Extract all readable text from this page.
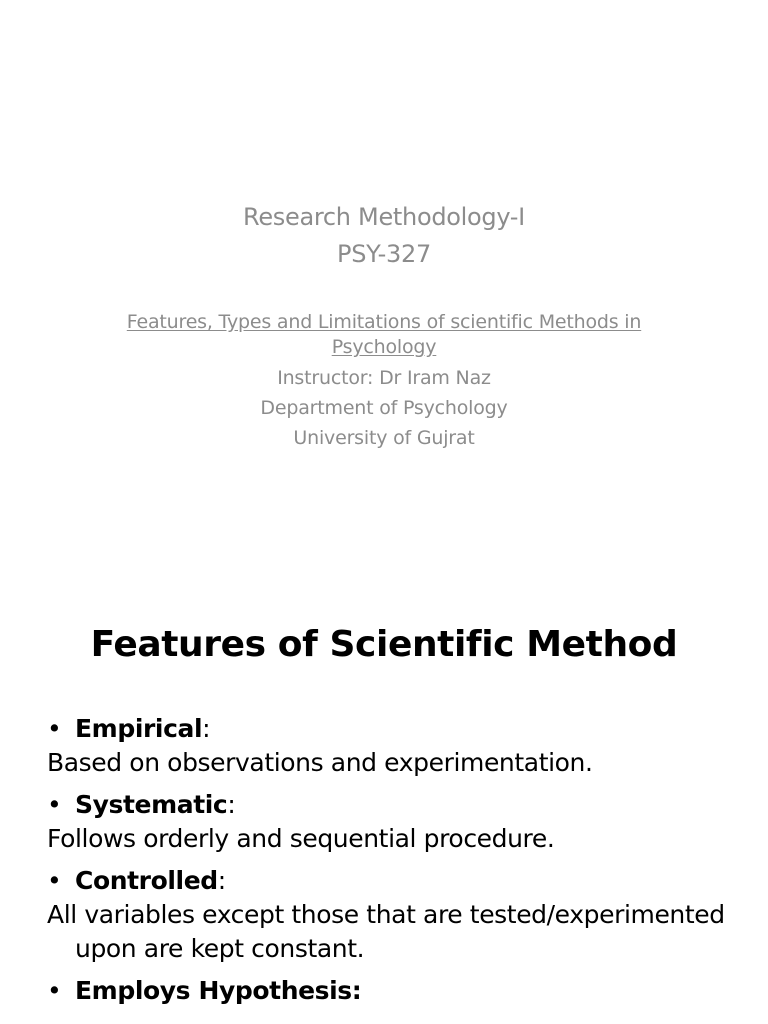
Research Methodology-I
PSY-327
Features, Types and Limitations of scientific Methods in Psychology
Instructor: Dr Iram Naz
Department of Psychology
University of Gujrat
Features of Scientific Method
• Empirical:
Based on observations and experimentation.
• Systematic:
Follows orderly and sequential procedure.
• Controlled:
All variables except those that are tested/experimented upon are kept constant.
• Employs Hypothesis:
